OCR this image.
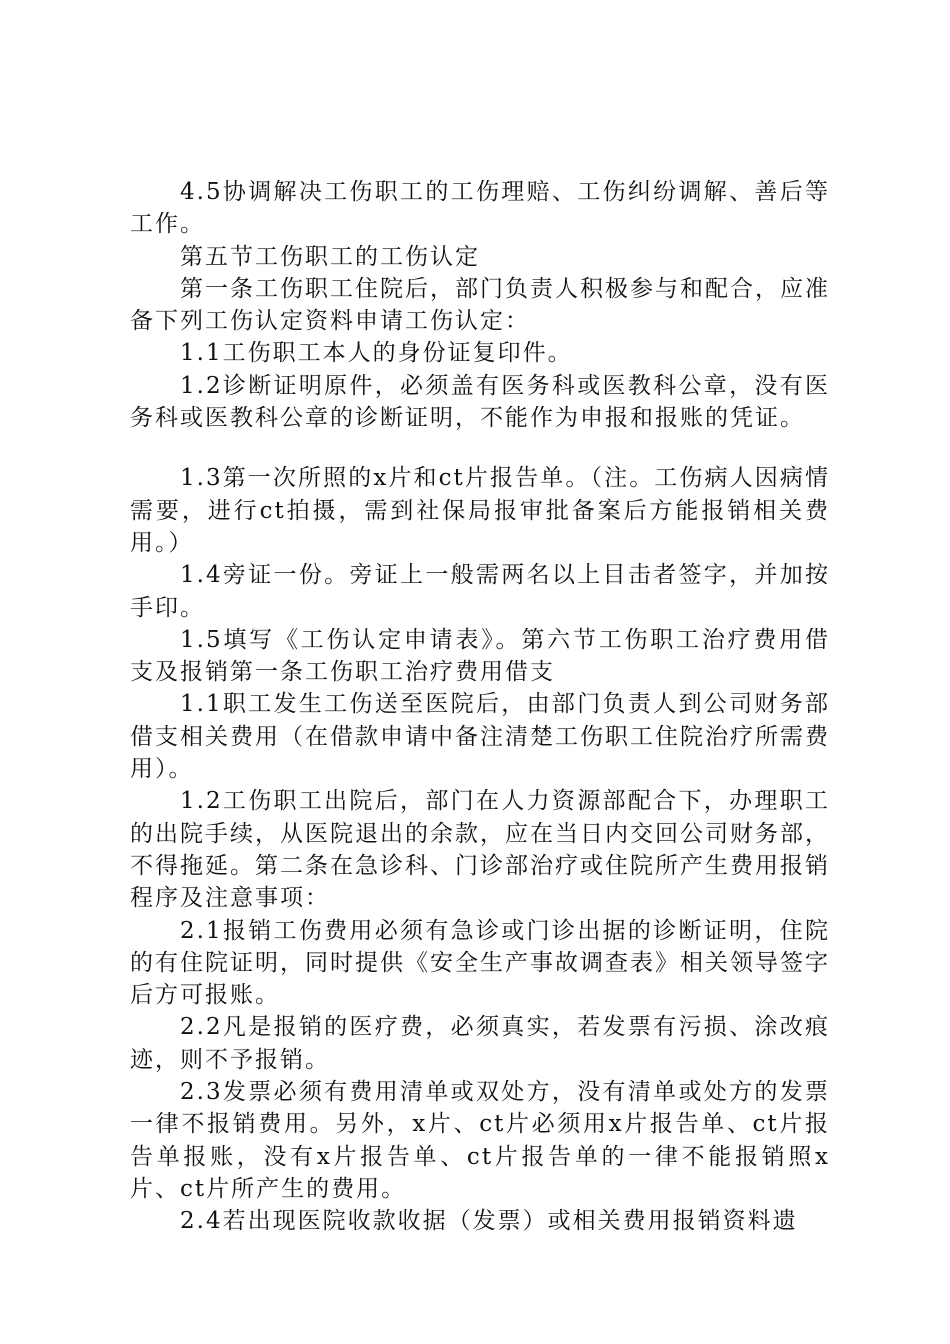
4.5协调解决工伤职工的工伤理赔、工伤纠纷调解、善后等工作。

第五节工伤职工的工伤认定

第一条工伤职工住院后，部门负责人积极参与和配合，应准备下列工伤认定资料申请工伤认定：

1.1工伤职工本人的身份证复印件。

1.2诊断证明原件，必须盖有医务科或医教科公章，没有医务科或医教科公章的诊断证明，不能作为申报和报账的凭证。

1.3第一次所照的x片和ct片报告单。（注。工伤病人因病情需要，进行ct拍摄，需到社保局报审批备案后方能报销相关费用。）

1.4旁证一份。旁证上一般需两名以上目击者签字，并加按手印。

1.5填写《工伤认定申请表》。第六节工伤职工治疗费用借支及报销第一条工伤职工治疗费用借支

1.1职工发生工伤送至医院后，由部门负责人到公司财务部借支相关费用（在借款申请中备注清楚工伤职工住院治疗所需费用）。

1.2工伤职工出院后，部门在人力资源部配合下，办理职工的出院手续，从医院退出的余款，应在当日内交回公司财务部，不得拖延。第二条在急诊科、门诊部治疗或住院所产生费用报销程序及注意事项：

2.1报销工伤费用必须有急诊或门诊出据的诊断证明，住院的有住院证明，同时提供《安全生产事故调查表》相关领导签字后方可报账。

2.2凡是报销的医疗费，必须真实，若发票有污损、涂改痕迹，则不予报销。

2.3发票必须有费用清单或双处方，没有清单或处方的发票一律不报销费用。另外，x片、ct片必须用x片报告单、ct片报告单报账，没有x片报告单、ct片报告单的一律不能报销照x片、ct片所产生的费用。

2.4若出现医院收款收据（发票）或相关费用报销资料遗
